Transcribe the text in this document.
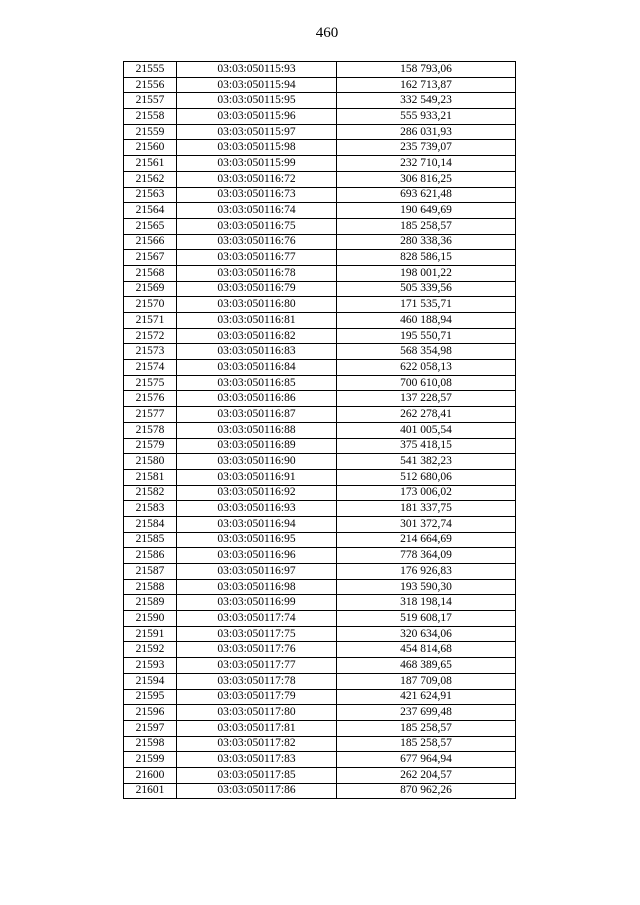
460
21555	03:03:050115:93	158 793,06
21556	03:03:050115:94	162 713,87
21557	03:03:050115:95	332 549,23
21558	03:03:050115:96	555 933,21
21559	03:03:050115:97	286 031,93
21560	03:03:050115:98	235 739,07
21561	03:03:050115:99	232 710,14
21562	03:03:050116:72	306 816,25
21563	03:03:050116:73	693 621,48
21564	03:03:050116:74	190 649,69
21565	03:03:050116:75	185 258,57
21566	03:03:050116:76	280 338,36
21567	03:03:050116:77	828 586,15
21568	03:03:050116:78	198 001,22
21569	03:03:050116:79	505 339,56
21570	03:03:050116:80	171 535,71
21571	03:03:050116:81	460 188,94
21572	03:03:050116:82	195 550,71
21573	03:03:050116:83	568 354,98
21574	03:03:050116:84	622 058,13
21575	03:03:050116:85	700 610,08
21576	03:03:050116:86	137 228,57
21577	03:03:050116:87	262 278,41
21578	03:03:050116:88	401 005,54
21579	03:03:050116:89	375 418,15
21580	03:03:050116:90	541 382,23
21581	03:03:050116:91	512 680,06
21582	03:03:050116:92	173 006,02
21583	03:03:050116:93	181 337,75
21584	03:03:050116:94	301 372,74
21585	03:03:050116:95	214 664,69
21586	03:03:050116:96	778 364,09
21587	03:03:050116:97	176 926,83
21588	03:03:050116:98	193 590,30
21589	03:03:050116:99	318 198,14
21590	03:03:050117:74	519 608,17
21591	03:03:050117:75	320 634,06
21592	03:03:050117:76	454 814,68
21593	03:03:050117:77	468 389,65
21594	03:03:050117:78	187 709,08
21595	03:03:050117:79	421 624,91
21596	03:03:050117:80	237 699,48
21597	03:03:050117:81	185 258,57
21598	03:03:050117:82	185 258,57
21599	03:03:050117:83	677 964,94
21600	03:03:050117:85	262 204,57
21601	03:03:050117:86	870 962,26
